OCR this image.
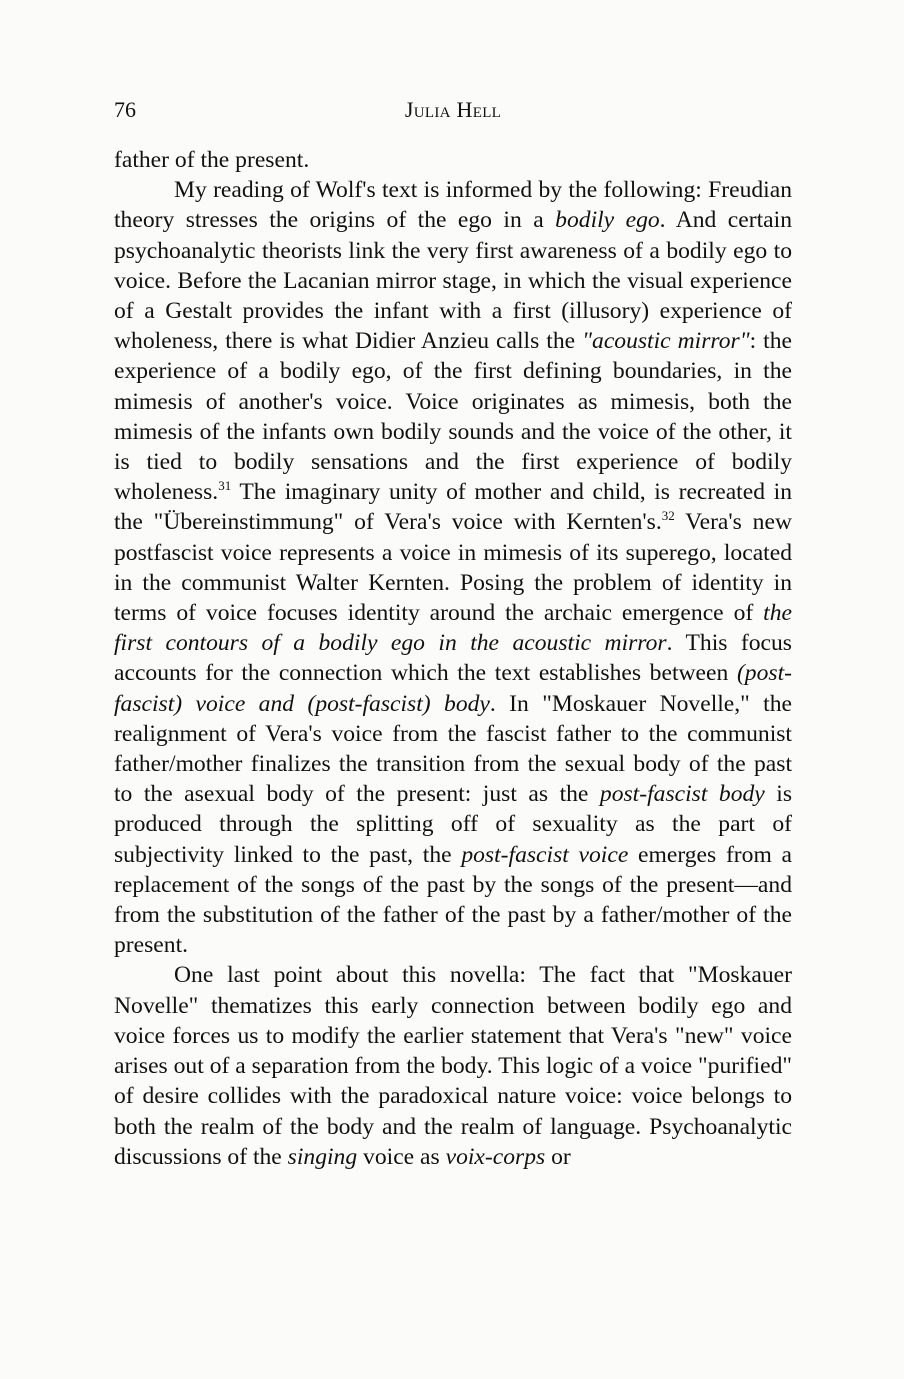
76	Julia Hell

father of the present.

My reading of Wolf's text is informed by the following: Freudian theory stresses the origins of the ego in a bodily ego. And certain psychoanalytic theorists link the very first awareness of a bodily ego to voice. Before the Lacanian mirror stage, in which the visual experience of a Gestalt provides the infant with a first (illusory) experience of wholeness, there is what Didier Anzieu calls the "acoustic mirror": the experience of a bodily ego, of the first defining boundaries, in the mimesis of another's voice. Voice originates as mimesis, both the mimesis of the infants own bodily sounds and the voice of the other, it is tied to bodily sensations and the first experience of bodily wholeness.$^{31}$ The imaginary unity of mother and child, is recreated in the "Übereinstimmung" of Vera's voice with Kernten's.$^{32}$ Vera's new postfascist voice represents a voice in mimesis of its superego, located in the communist Walter Kernten. Posing the problem of identity in terms of voice focuses identity around the archaic emergence of the first contours of a bodily ego in the acoustic mirror. This focus accounts for the connection which the text establishes between (post-fascist) voice and (post-fascist) body. In "Moskauer Novelle," the realignment of Vera's voice from the fascist father to the communist father/mother finalizes the transition from the sexual body of the past to the asexual body of the present: just as the post-fascist body is produced through the splitting off of sexuality as the part of subjectivity linked to the past, the post-fascist voice emerges from a replacement of the songs of the past by the songs of the present—and from the substitution of the father of the past by a father/mother of the present.

One last point about this novella: The fact that "Moskauer Novelle" thematizes this early connection between bodily ego and voice forces us to modify the earlier statement that Vera's "new" voice arises out of a separation from the body. This logic of a voice "purified" of desire collides with the paradoxical nature voice: voice belongs to both the realm of the body and the realm of language. Psychoanalytic discussions of the singing voice as voix-corps or
